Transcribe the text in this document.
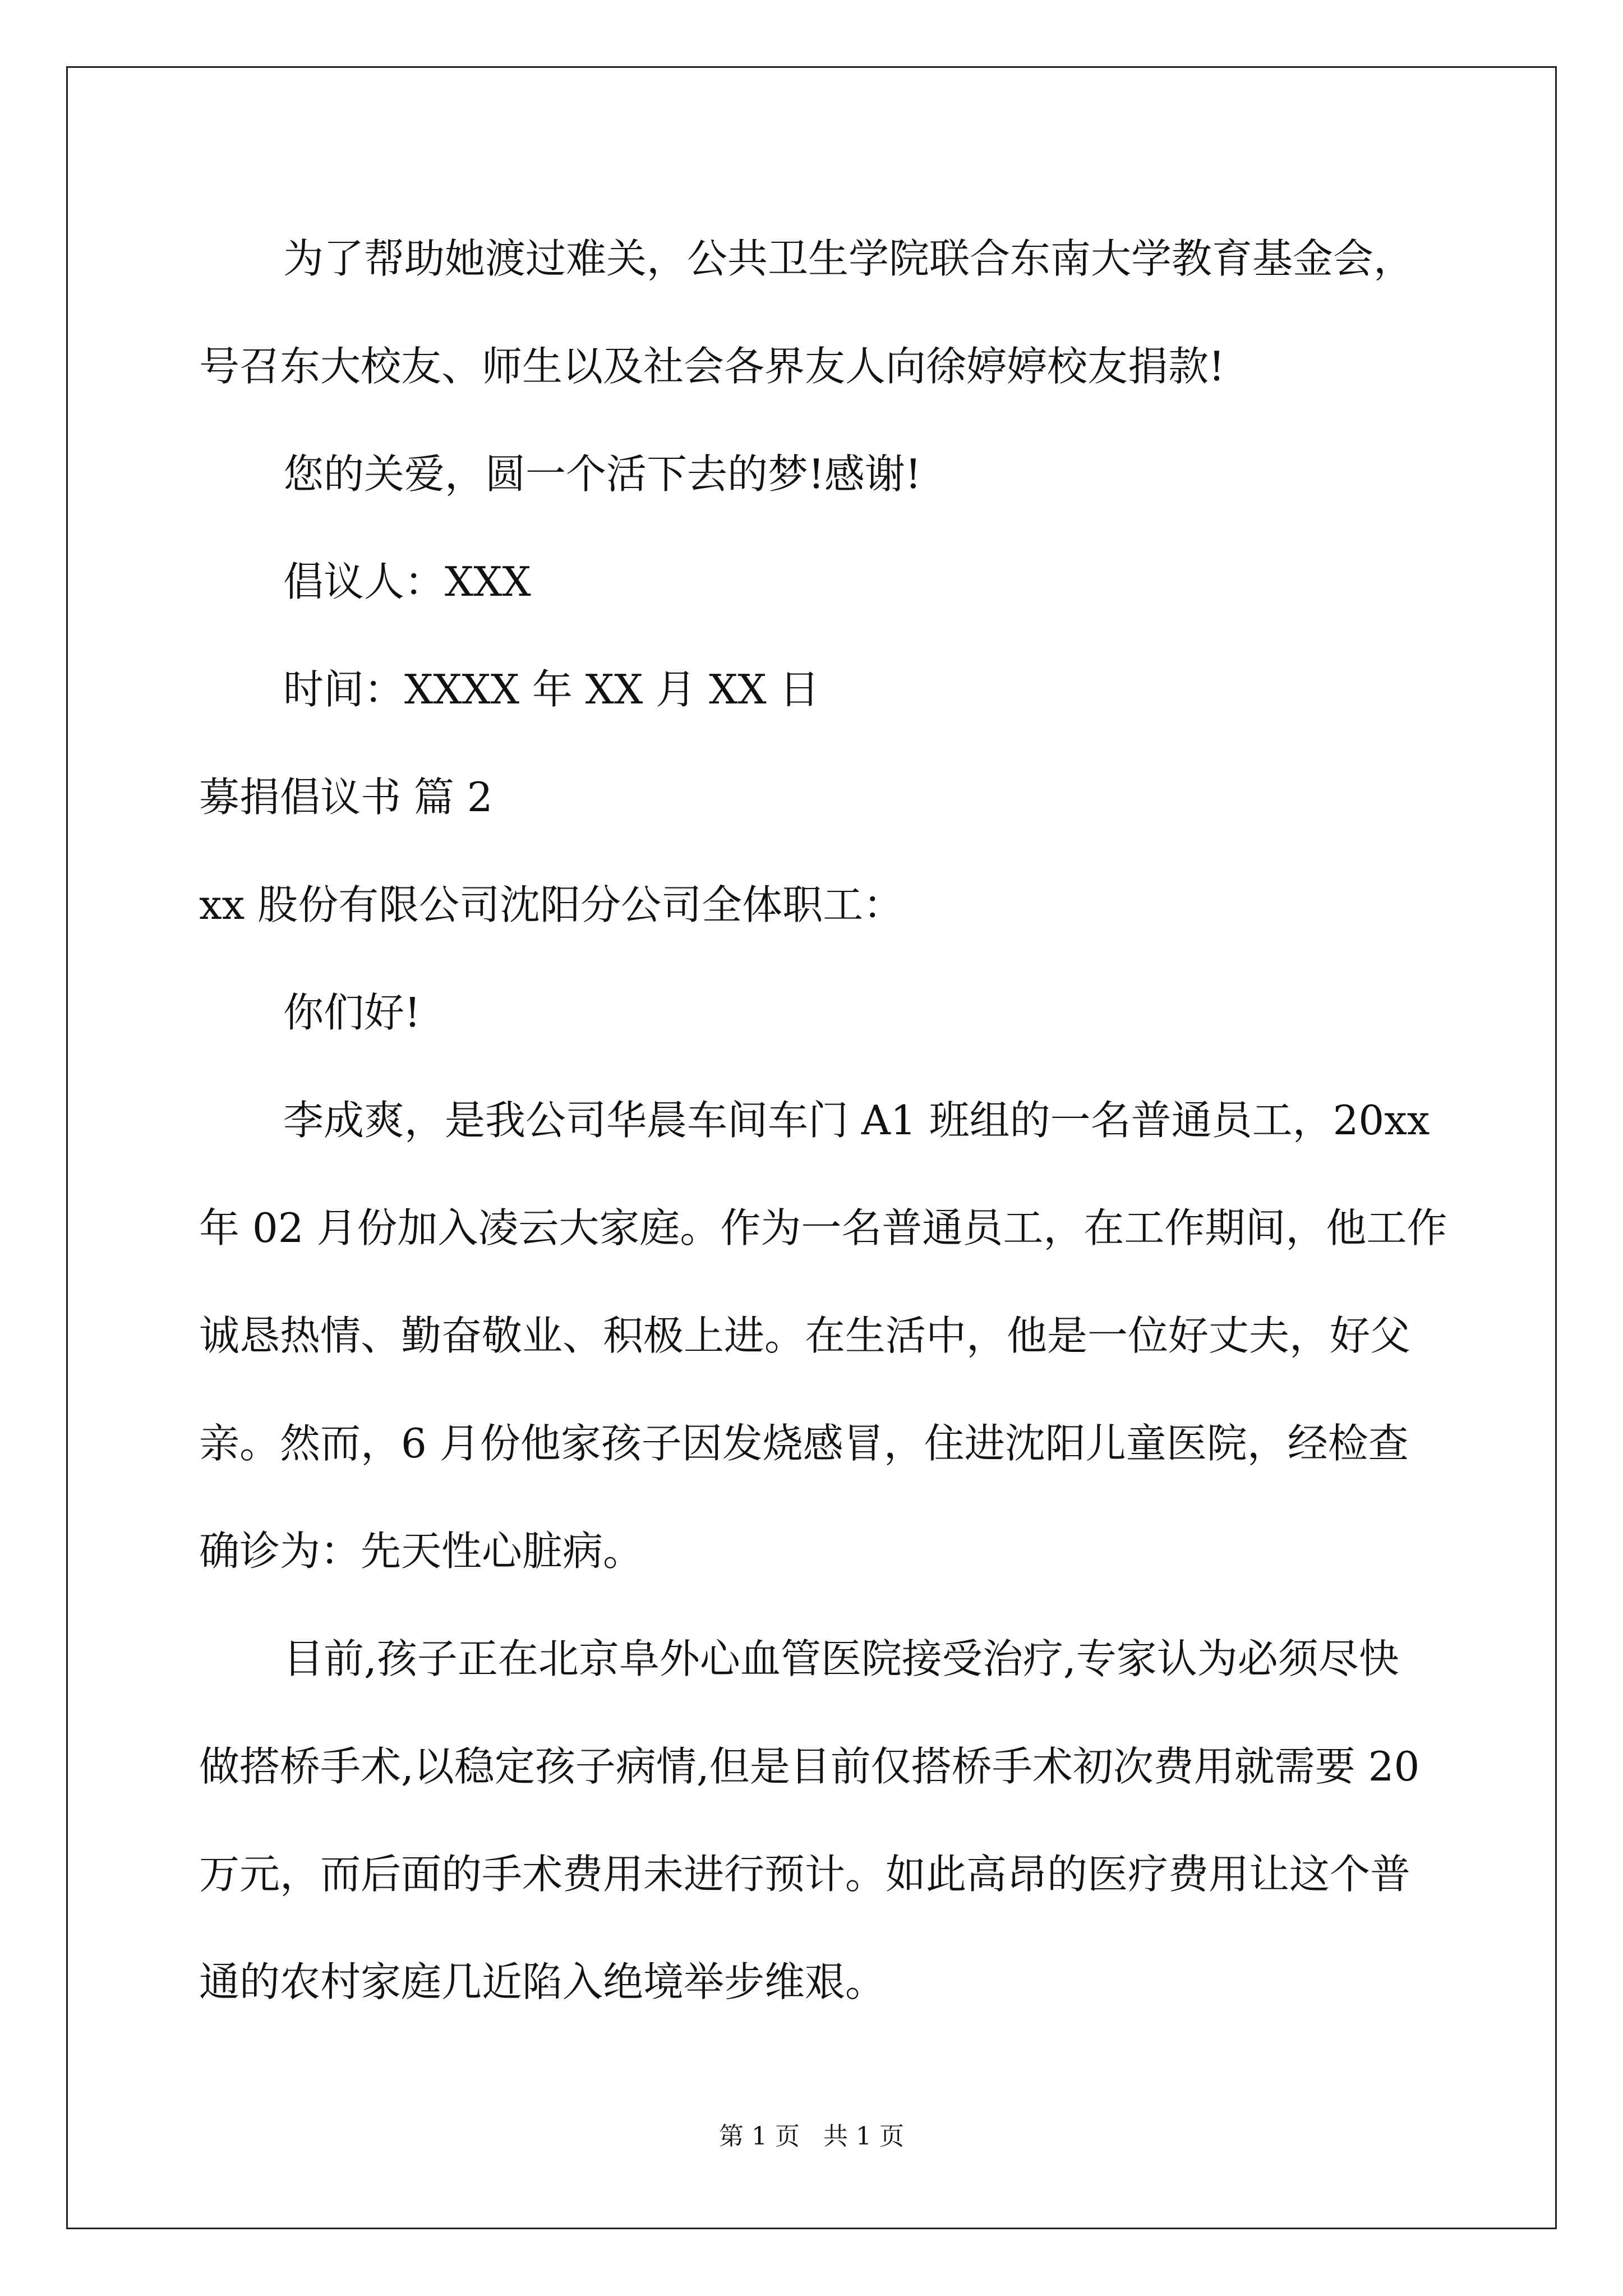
为了帮助她渡过难关，公共卫生学院联合东南大学教育基金会，

号召东大校友、师生以及社会各界友人向徐婷婷校友捐款!

您的关爱，圆一个活下去的梦!感谢!

倡议人：XXX

时间：XXXX 年 XX 月 XX 日

募捐倡议书 篇 2

xx 股份有限公司沈阳分公司全体职工：

你们好!

李成爽，是我公司华晨车间车门 A1 班组的一名普通员工，20xx

年 02 月份加入凌云大家庭。作为一名普通员工，在工作期间，他工作

诚恳热情、勤奋敬业、积极上进。在生活中，他是一位好丈夫，好父

亲。然而，6 月份他家孩子因发烧感冒，住进沈阳儿童医院，经检查

确诊为：先天性心脏病。

目前,孩子正在北京阜外心血管医院接受治疗,专家认为必须尽快

做搭桥手术,以稳定孩子病情,但是目前仅搭桥手术初次费用就需要 20

万元，而后面的手术费用未进行预计。如此高昂的医疗费用让这个普

通的农村家庭几近陷入绝境举步维艰。

第 1 页 共 1 页
